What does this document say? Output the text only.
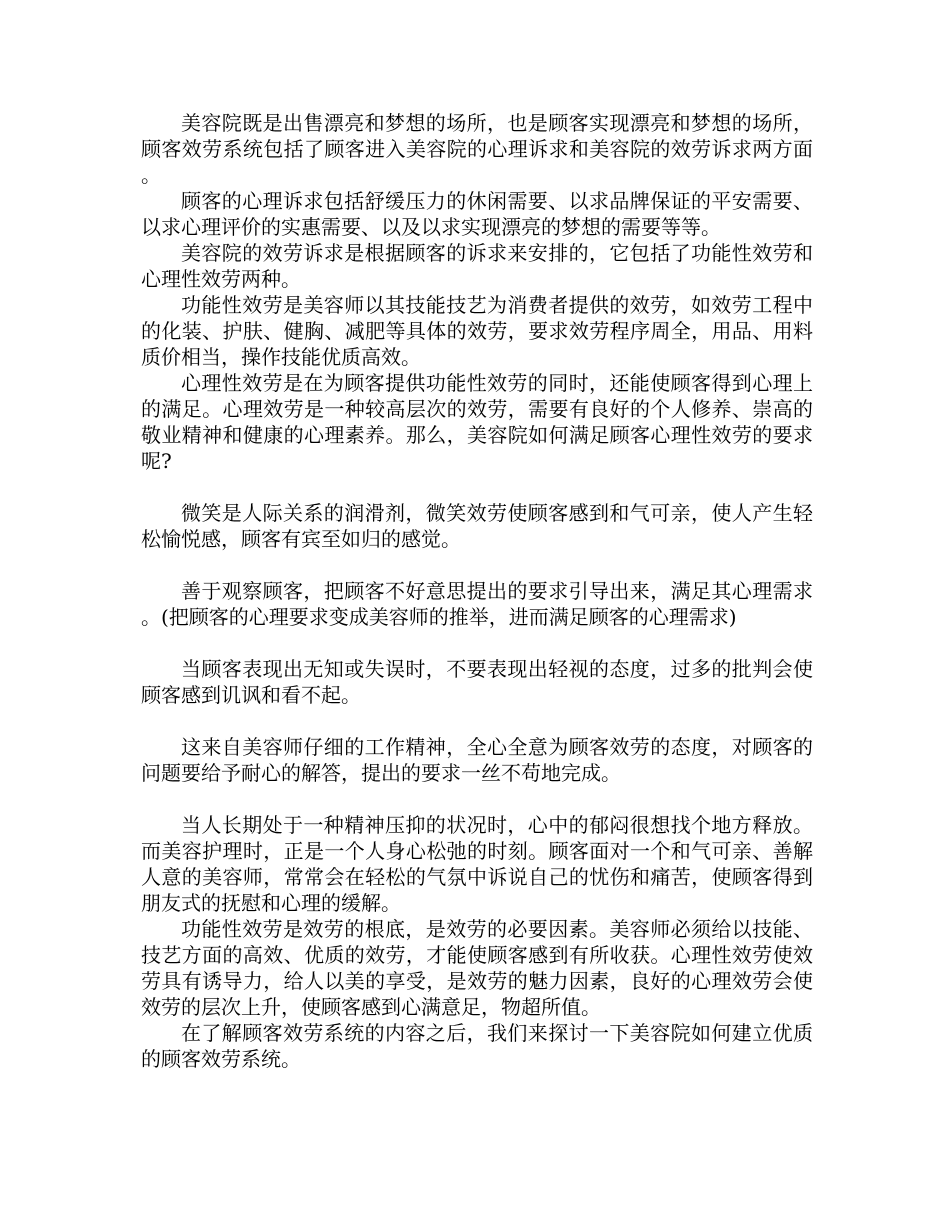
美容院既是出售漂亮和梦想的场所，也是顾客实现漂亮和梦想的场所，顾客效劳系统包括了顾客进入美容院的心理诉求和美容院的效劳诉求两方面。

顾客的心理诉求包括舒缓压力的休闲需要、以求品牌保证的平安需要、以求心理评价的实惠需要、以及以求实现漂亮的梦想的需要等等。

美容院的效劳诉求是根据顾客的诉求来安排的，它包括了功能性效劳和心理性效劳两种。

功能性效劳是美容师以其技能技艺为消费者提供的效劳，如效劳工程中的化装、护肤、健胸、减肥等具体的效劳，要求效劳程序周全，用品、用料质价相当，操作技能优质高效。

心理性效劳是在为顾客提供功能性效劳的同时，还能使顾客得到心理上的满足。心理效劳是一种较高层次的效劳，需要有良好的个人修养、崇高的敬业精神和健康的心理素养。那么，美容院如何满足顾客心理性效劳的要求呢?

微笑是人际关系的润滑剂，微笑效劳使顾客感到和气可亲，使人产生轻松愉悦感，顾客有宾至如归的感觉。

善于观察顾客，把顾客不好意思提出的要求引导出来，满足其心理需求。(把顾客的心理要求变成美容师的推举，进而满足顾客的心理需求)

当顾客表现出无知或失误时，不要表现出轻视的态度，过多的批判会使顾客感到讥讽和看不起。

这来自美容师仔细的工作精神，全心全意为顾客效劳的态度，对顾客的问题要给予耐心的解答，提出的要求一丝不苟地完成。

当人长期处于一种精神压抑的状况时，心中的郁闷很想找个地方释放。而美容护理时，正是一个人身心松弛的时刻。顾客面对一个和气可亲、善解人意的美容师，常常会在轻松的气氛中诉说自己的忧伤和痛苦，使顾客得到朋友式的抚慰和心理的缓解。

功能性效劳是效劳的根底，是效劳的必要因素。美容师必须给以技能、技艺方面的高效、优质的效劳，才能使顾客感到有所收获。心理性效劳使效劳具有诱导力，给人以美的享受，是效劳的魅力因素，良好的心理效劳会使效劳的层次上升，使顾客感到心满意足，物超所值。

在了解顾客效劳系统的内容之后，我们来探讨一下美容院如何建立优质的顾客效劳系统。
